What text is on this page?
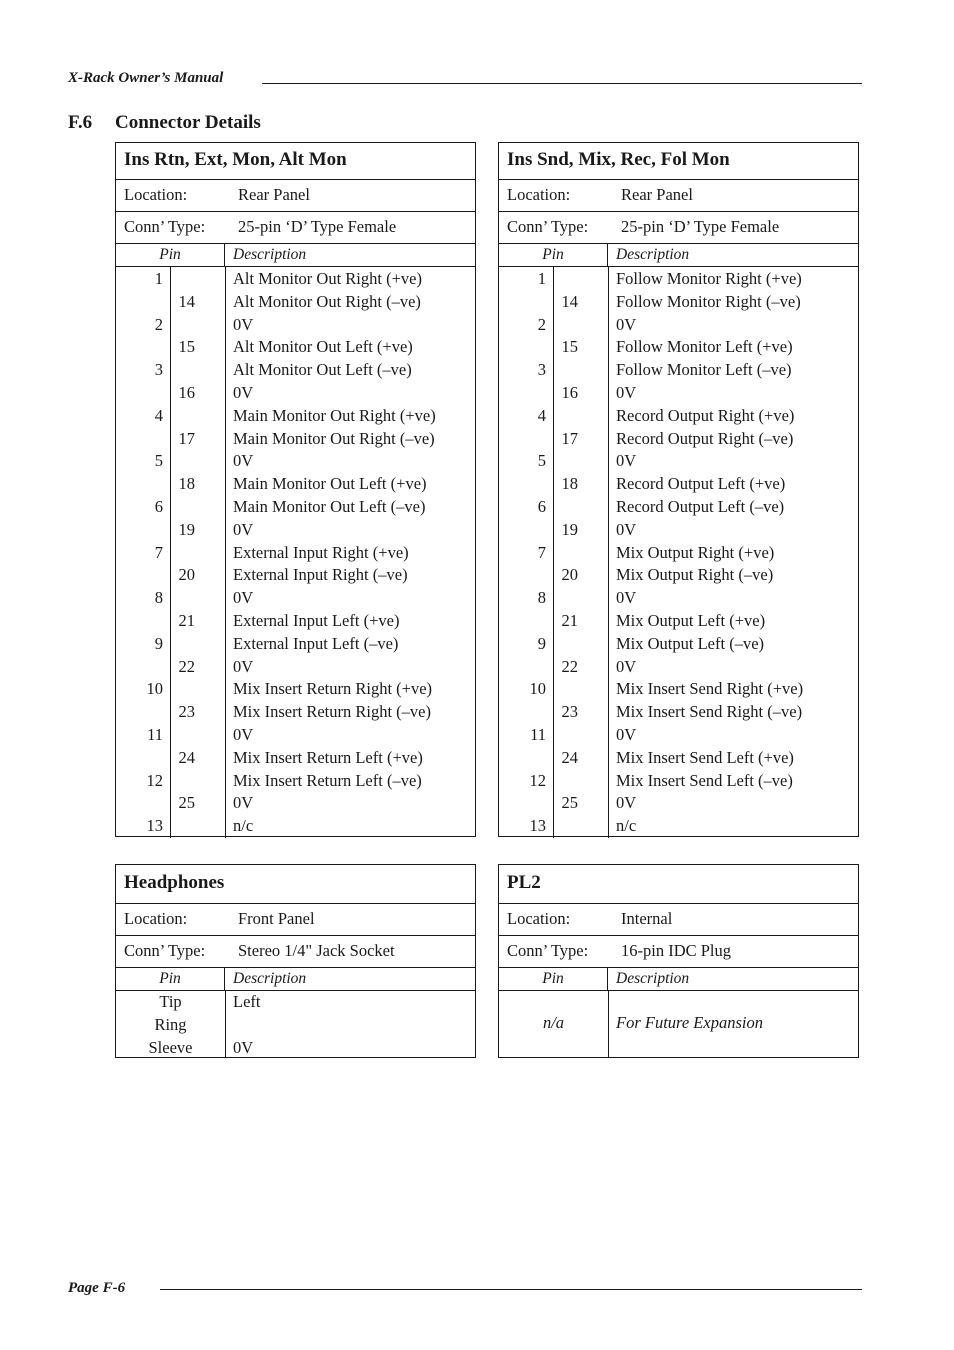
X-Rack Owner’s Manual
F.6 Connector Details
Ins Rtn, Ext, Mon, Alt Mon
Location:	Rear Panel
Conn’ Type: 25-pin ‘D’ Type Female
Pin	Description
1	Alt Monitor Out Right (+ve)
14 Alt Monitor Out Right (–ve)
2	0V
15 Alt Monitor Out Left (+ve)
3	Alt Monitor Out Left (–ve)
16 0V
4	Main Monitor Out Right (+ve)
17 Main Monitor Out Right (–ve)
5	0V
18 Main Monitor Out Left (+ve)
6	Main Monitor Out Left (–ve)
19 0V
7	External Input Right (+ve)
20 External Input Right (–ve)
8	0V
21 External Input Left (+ve)
9	External Input Left (–ve)
22 0V
10	Mix Insert Return Right (+ve)
23 Mix Insert Return Right (–ve)
11	0V
24 Mix Insert Return Left (+ve)
12	Mix Insert Return Left (–ve)
25 0V
13	n/c
Ins Snd, Mix, Rec, Fol Mon
Location:	Rear Panel
Conn’ Type: 25-pin ‘D’ Type Female
Pin	Description
1	Follow Monitor Right (+ve)
14 Follow Monitor Right (–ve)
2	0V
15 Follow Monitor Left (+ve)
3	Follow Monitor Left (–ve)
16 0V
4	Record Output Right (+ve)
17 Record Output Right (–ve)
5	0V
18 Record Output Left (+ve)
6	Record Output Left (–ve)
19 0V
7	Mix Output Right (+ve)
20 Mix Output Right (–ve)
8	0V
21 Mix Output Left (+ve)
9	Mix Output Left (–ve)
22 0V
10	Mix Insert Send Right (+ve)
23 Mix Insert Send Right (–ve)
11	0V
24 Mix Insert Send Left (+ve)
12	Mix Insert Send Left (–ve)
25 0V
13	n/c
Headphones
Location:	Front Panel
Conn’ Type: Stereo 1/4" Jack Socket
Pin	Description
Tip	Left
Ring
Sleeve	0V
PL2
Location:	Internal
Conn’ Type: 16-pin IDC Plug
Pin	Description
n/a	For Future Expansion
Page F-6
